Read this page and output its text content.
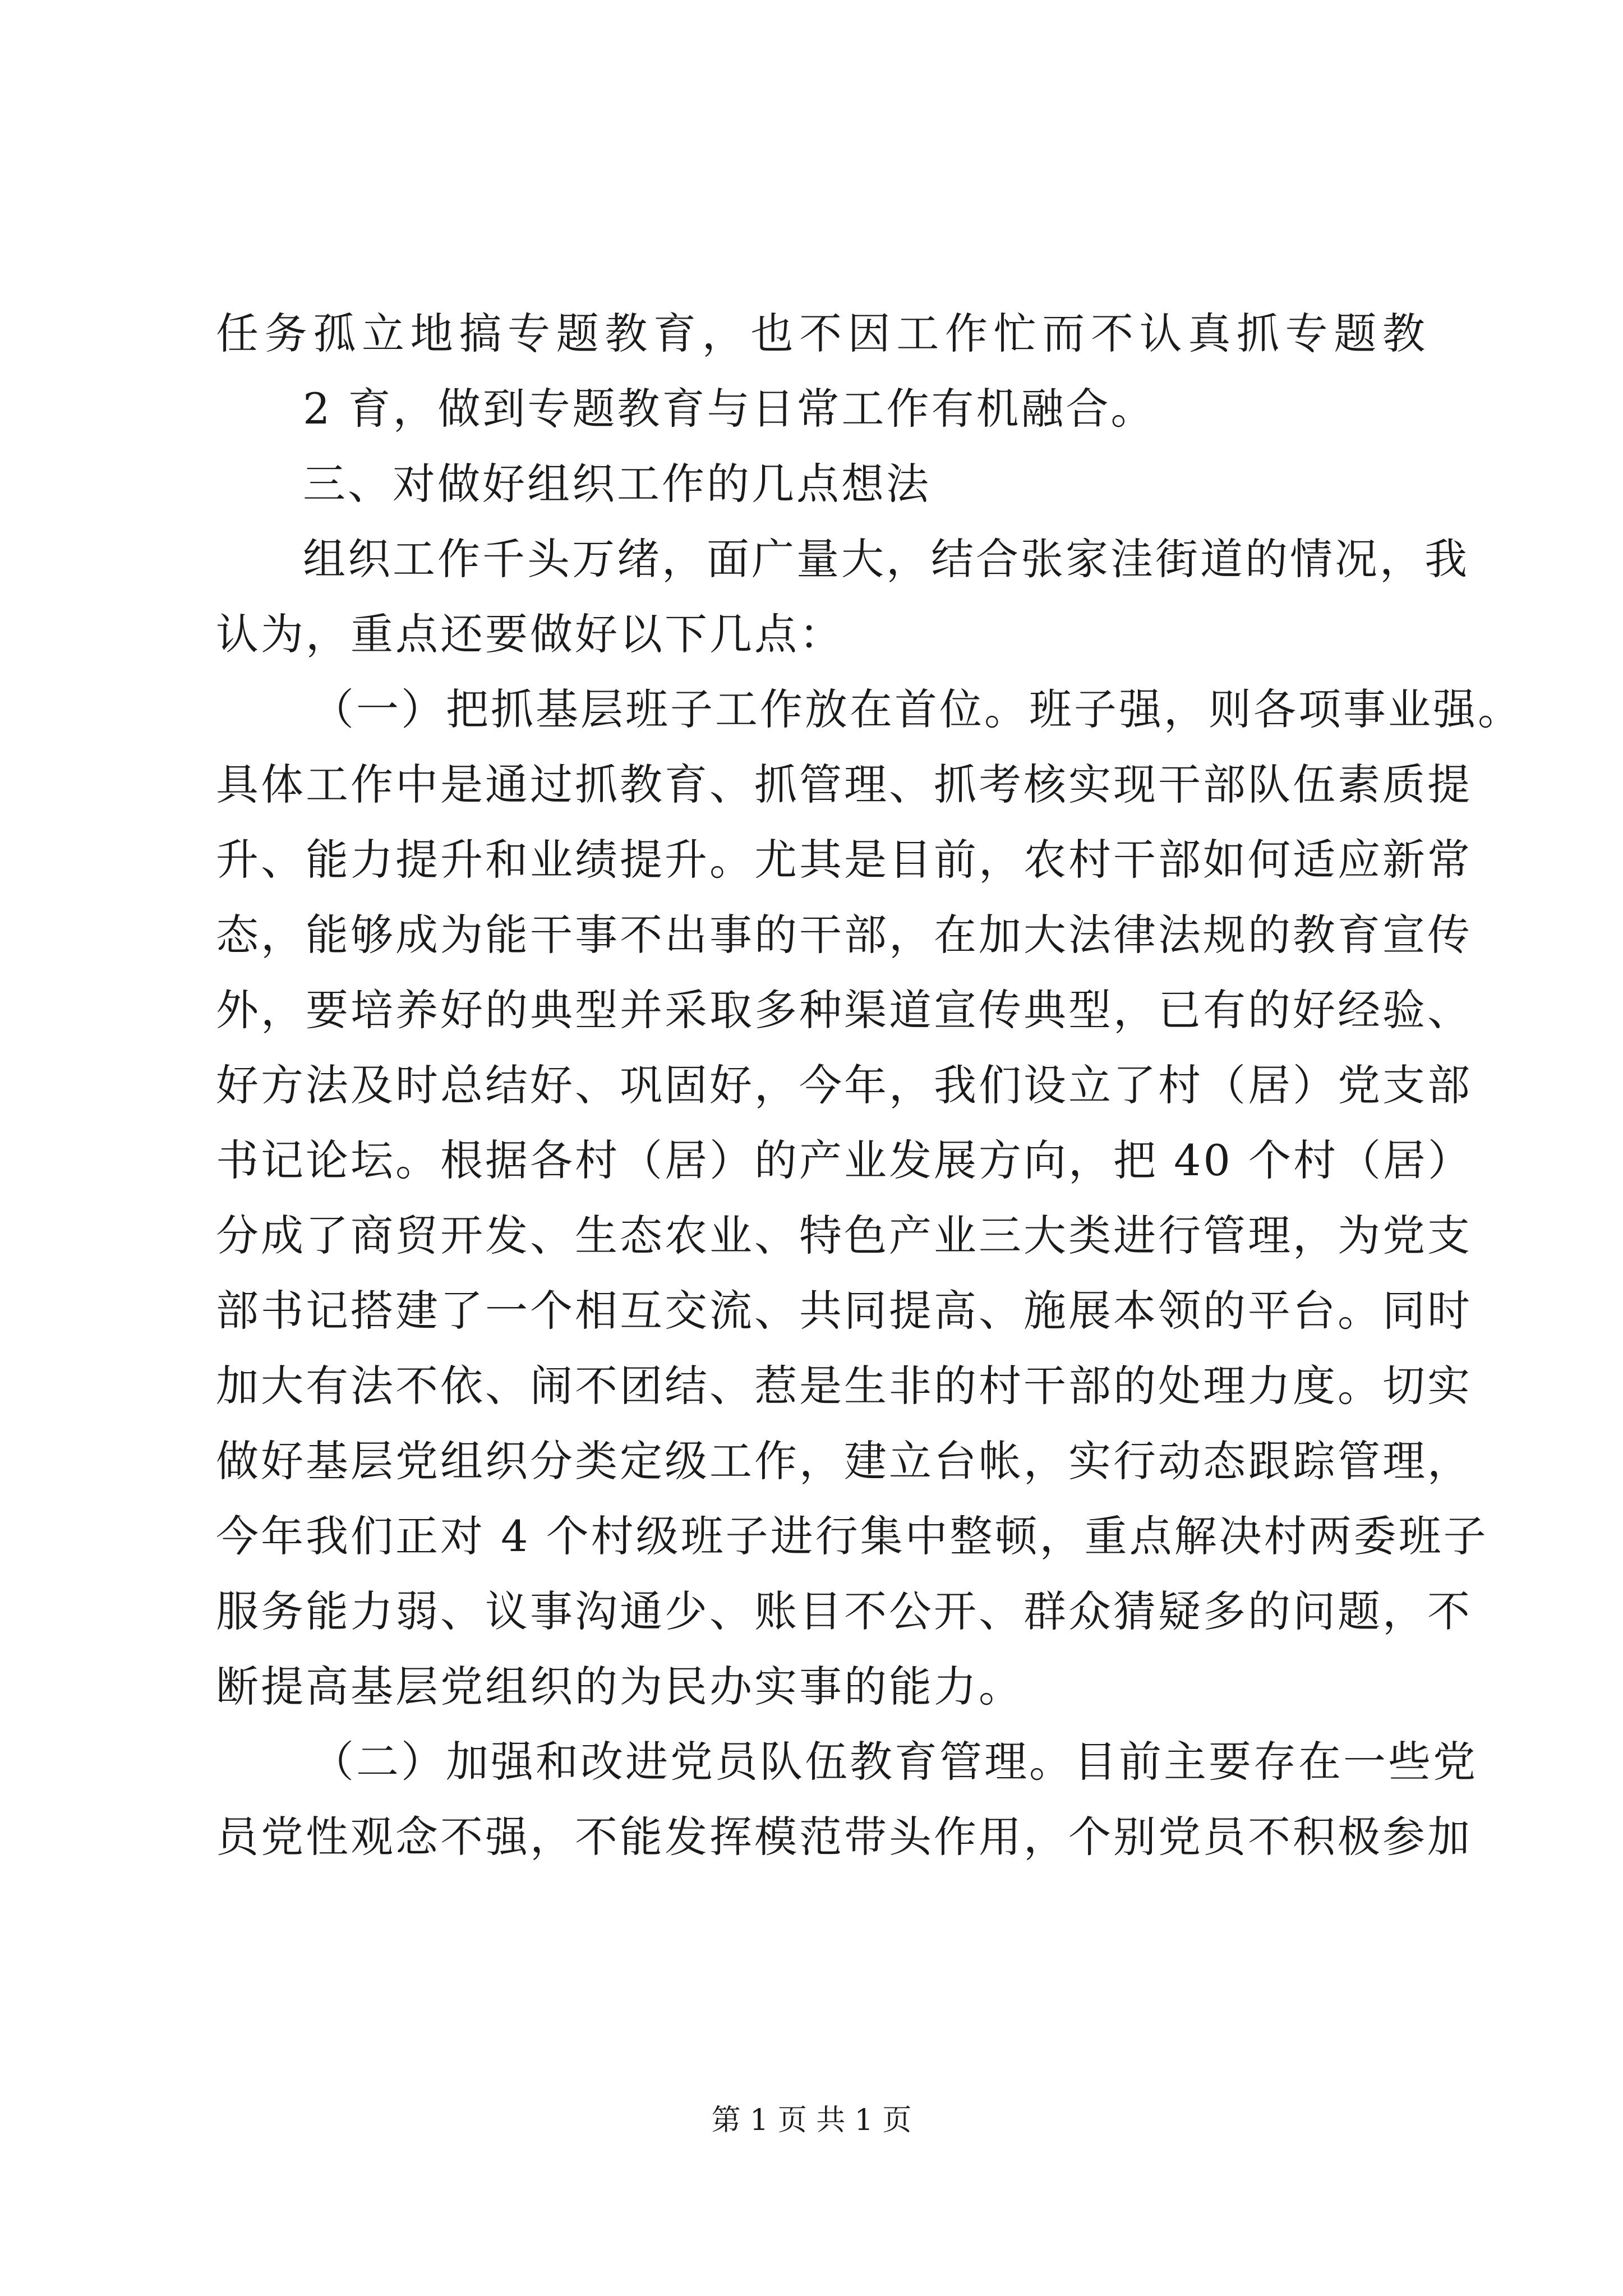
任务孤立地搞专题教育，也不因工作忙而不认真抓专题教
2 育，做到专题教育与日常工作有机融合。
三、对做好组织工作的几点想法
组织工作千头万绪，面广量大，结合张家洼街道的情况，我
认为，重点还要做好以下几点：
（一）把抓基层班子工作放在首位。班子强，则各项事业强。
具体工作中是通过抓教育、抓管理、抓考核实现干部队伍素质提
升、能力提升和业绩提升。尤其是目前，农村干部如何适应新常
态，能够成为能干事不出事的干部，在加大法律法规的教育宣传
外，要培养好的典型并采取多种渠道宣传典型，已有的好经验、
好方法及时总结好、巩固好，今年，我们设立了村（居）党支部
书记论坛。根据各村（居）的产业发展方向，把 40 个村（居）
分成了商贸开发、生态农业、特色产业三大类进行管理，为党支
部书记搭建了一个相互交流、共同提高、施展本领的平台。同时
加大有法不依、闹不团结、惹是生非的村干部的处理力度。切实
做好基层党组织分类定级工作，建立台帐，实行动态跟踪管理，
今年我们正对 4 个村级班子进行集中整顿，重点解决村两委班子
服务能力弱、议事沟通少、账目不公开、群众猜疑多的问题，不
断提高基层党组织的为民办实事的能力。
（二）加强和改进党员队伍教育管理。目前主要存在一些党
员党性观念不强，不能发挥模范带头作用，个别党员不积极参加
第 1 页 共 1 页
